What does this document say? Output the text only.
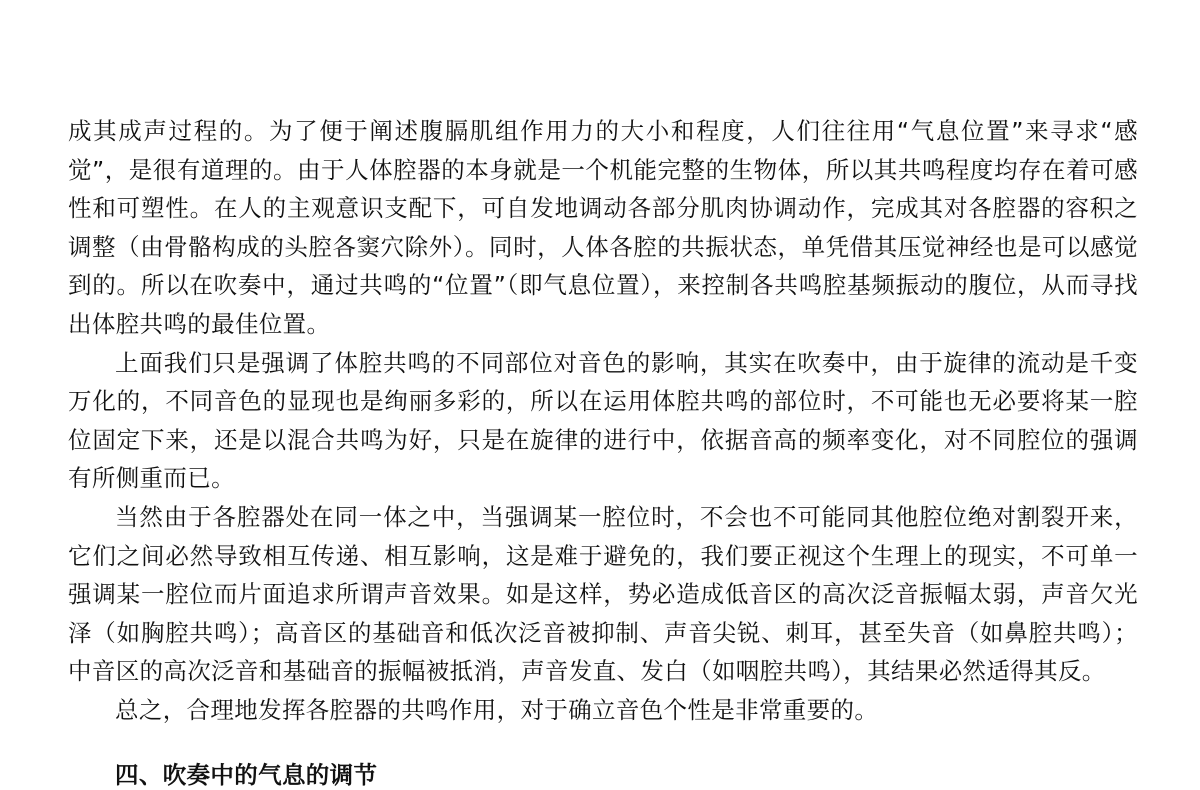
成其成声过程的。为了便于阐述腹膈肌组作用力的大小和程度，人们往往用“气息位置”来寻求“感觉”，是很有道理的。由于人体腔器的本身就是一个机能完整的生物体，所以其共鸣程度均存在着可感性和可塑性。在人的主观意识支配下，可自发地调动各部分肌肉协调动作，完成其对各腔器的容积之调整（由骨骼构成的头腔各窦穴除外）。同时，人体各腔的共振状态，单凭借其压觉神经也是可以感觉到的。所以在吹奏中，通过共鸣的“位置”（即气息位置），来控制各共鸣腔基频振动的腹位，从而寻找出体腔共鸣的最佳位置。

上面我们只是强调了体腔共鸣的不同部位对音色的影响，其实在吹奏中，由于旋律的流动是千变万化的，不同音色的显现也是绚丽多彩的，所以在运用体腔共鸣的部位时，不可能也无必要将某一腔位固定下来，还是以混合共鸣为好，只是在旋律的进行中，依据音高的频率变化，对不同腔位的强调有所侧重而已。

当然由于各腔器处在同一体之中，当强调某一腔位时，不会也不可能同其他腔位绝对割裂开来，它们之间必然导致相互传递、相互影响，这是难于避免的，我们要正视这个生理上的现实，不可单一强调某一腔位而片面追求所谓声音效果。如是这样，势必造成低音区的高次泛音振幅太弱，声音欠光泽（如胸腔共鸣）；高音区的基础音和低次泛音被抑制、声音尖锐、刺耳，甚至失音（如鼻腔共鸣）；中音区的高次泛音和基础音的振幅被抵消，声音发直、发白（如咽腔共鸣），其结果必然适得其反。

总之，合理地发挥各腔器的共鸣作用，对于确立音色个性是非常重要的。

四、吹奏中的气息的调节
